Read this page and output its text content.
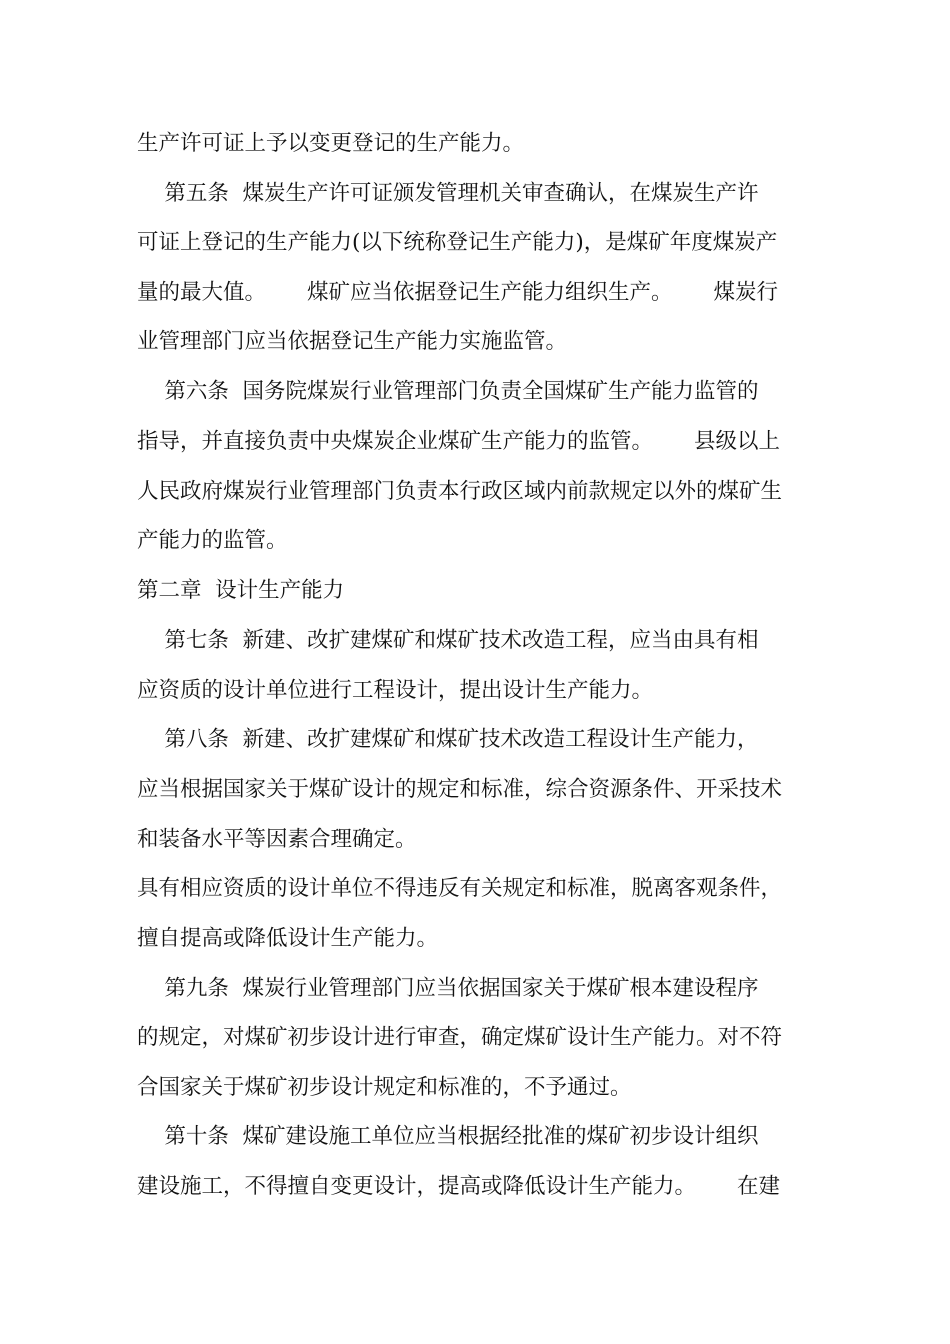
生产许可证上予以变更登记的生产能力。
第五条  煤炭生产许可证颁发管理机关审查确认，在煤炭生产许
可证上登记的生产能力(以下统称登记生产能力)，是煤矿年度煤炭产
量的最大值。      煤矿应当依据登记生产能力组织生产。      煤炭行
业管理部门应当依据登记生产能力实施监管。
第六条  国务院煤炭行业管理部门负责全国煤矿生产能力监管的
指导，并直接负责中央煤炭企业煤矿生产能力的监管。      县级以上
人民政府煤炭行业管理部门负责本行政区域内前款规定以外的煤矿生
产能力的监管。
第二章  设计生产能力
第七条  新建、改扩建煤矿和煤矿技术改造工程，应当由具有相
应资质的设计单位进行工程设计，提出设计生产能力。
第八条  新建、改扩建煤矿和煤矿技术改造工程设计生产能力，
应当根据国家关于煤矿设计的规定和标准，综合资源条件、开采技术
和装备水平等因素合理确定。
具有相应资质的设计单位不得违反有关规定和标准，脱离客观条件，
擅自提高或降低设计生产能力。
第九条  煤炭行业管理部门应当依据国家关于煤矿根本建设程序
的规定，对煤矿初步设计进行审查，确定煤矿设计生产能力。对不符
合国家关于煤矿初步设计规定和标准的，不予通过。
第十条  煤矿建设施工单位应当根据经批准的煤矿初步设计组织
建设施工，不得擅自变更设计，提高或降低设计生产能力。      在建
